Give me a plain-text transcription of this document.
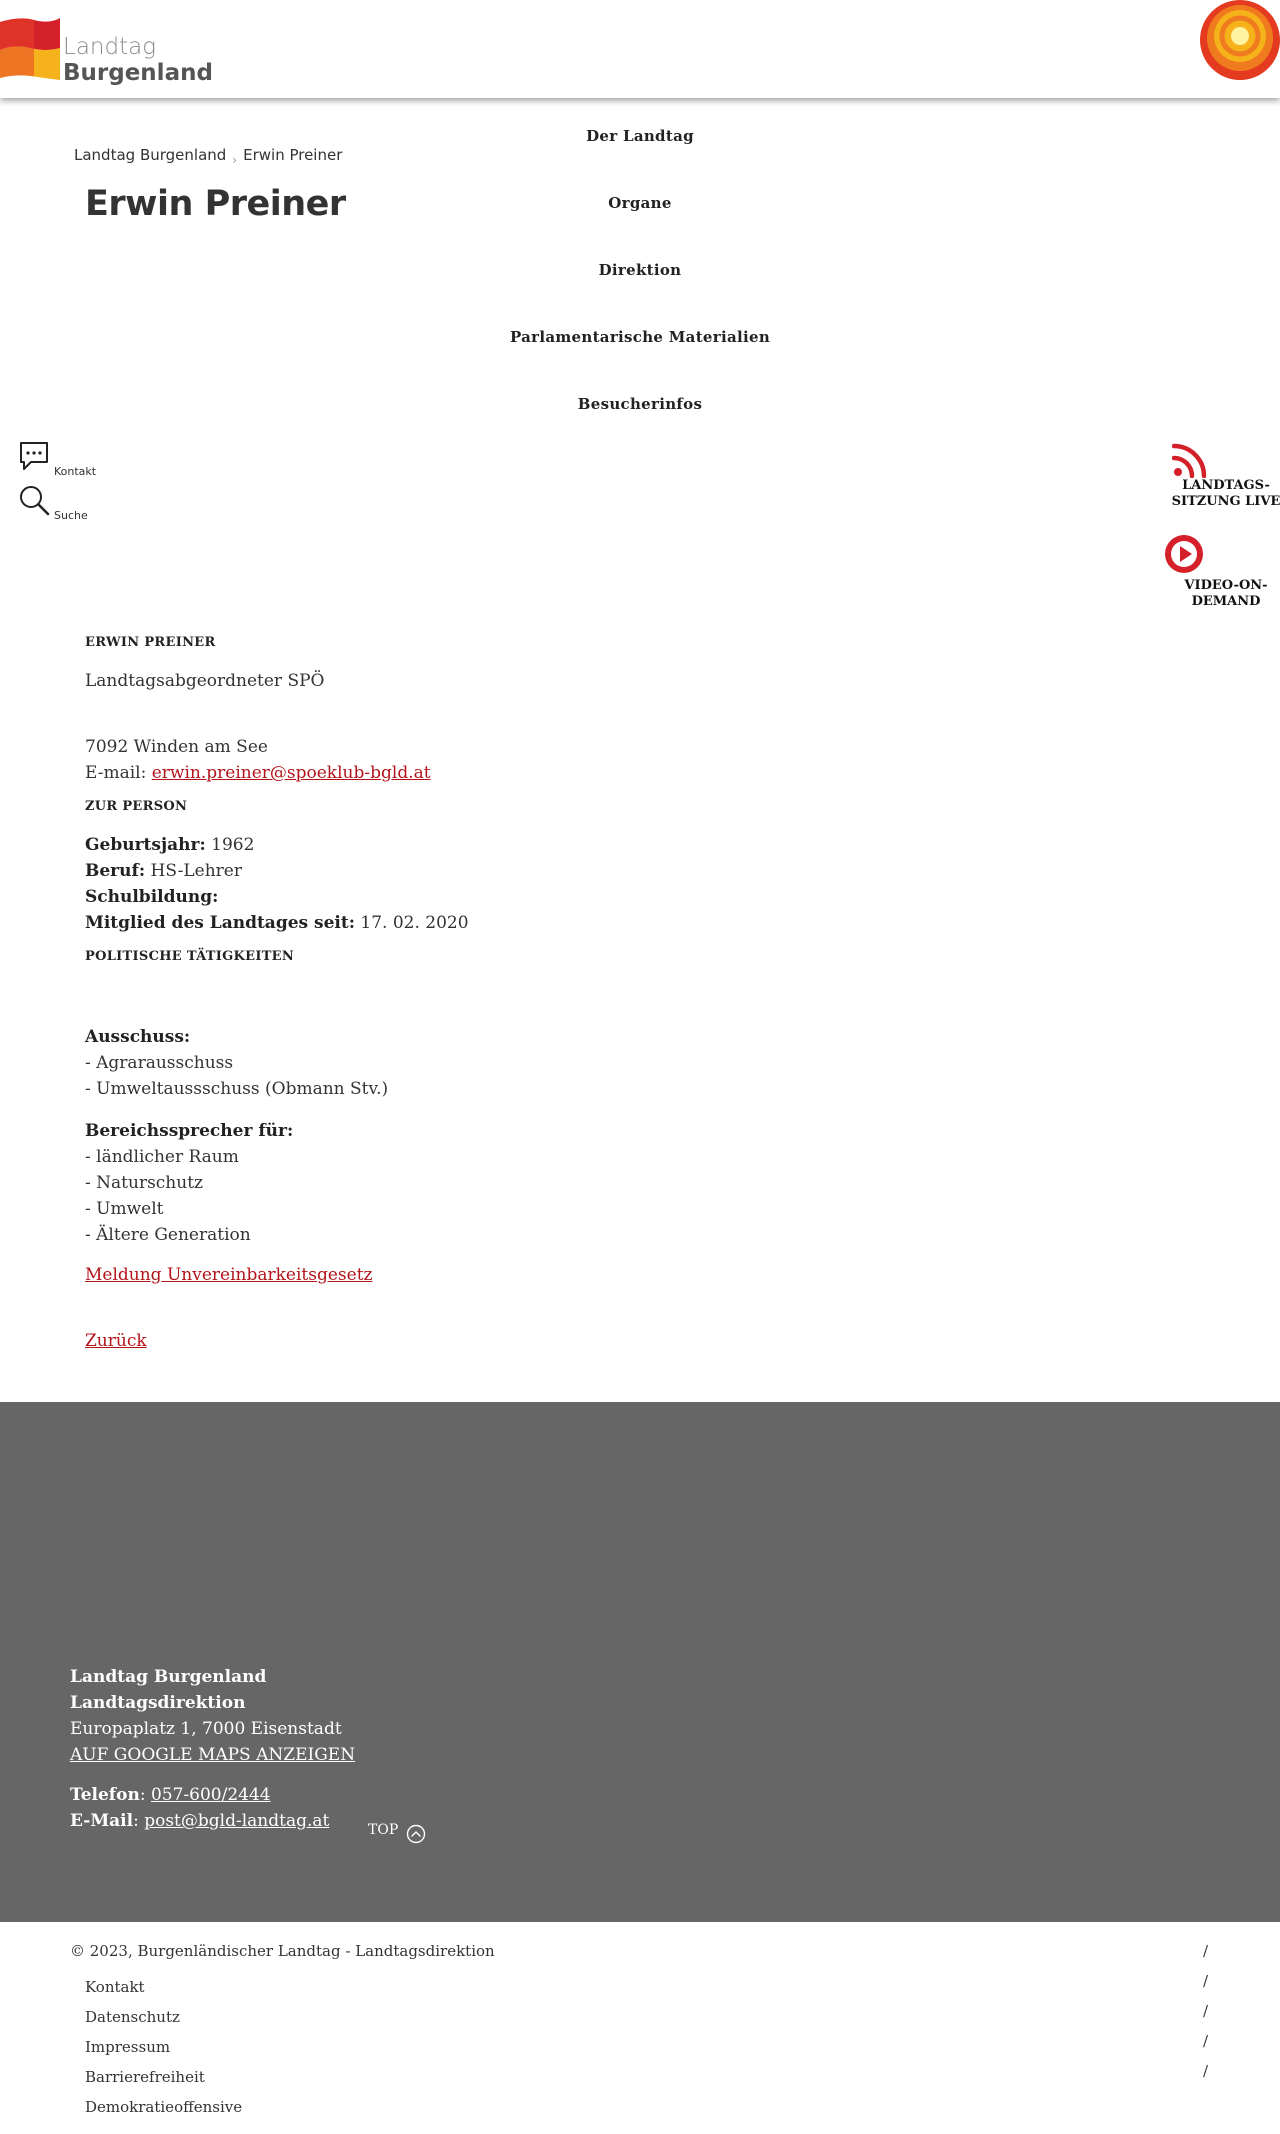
Landtag
Burgenland
Landtag Burgenland $_›$ Erwin Preiner
Erwin Preiner
Der Landtag
Organe
Direktion
Parlamentarische Materialien
Besucherinfos
Kontakt
Suche
LANDTAGS-
SITZUNG LIVE
VIDEO-ON-
DEMAND
ERWIN PREINER
Landtagsabgeordneter SPÖ
7092 Winden am See
E-mail: erwin.preiner@spoeklub-bgld.at
ZUR PERSON
Geburtsjahr: 1962
Beruf: HS-Lehrer
Schulbildung:
Mitglied des Landtages seit: 17. 02. 2020
POLITISCHE TÄTIGKEITEN
Ausschuss:
- Agrarausschuss
- Umweltaussschuss (Obmann Stv.)
Bereichssprecher für:
- ländlicher Raum
- Naturschutz
- Umwelt
- Ältere Generation
Meldung Unvereinbarkeitsgesetz
Zurück
Landtag Burgenland
Landtagsdirektion
Europaplatz 1, 7000 Eisenstadt
AUF GOOGLE MAPS ANZEIGEN
Telefon: 057-600/2444
E-Mail: post@bgld-landtag.at	TOP
© 2023, Burgenländischer Landtag - Landtagsdirektion
Kontakt
Datenschutz
Impressum
Barrierefreiheit
Demokratieoffensive
/
/
/
/
/
